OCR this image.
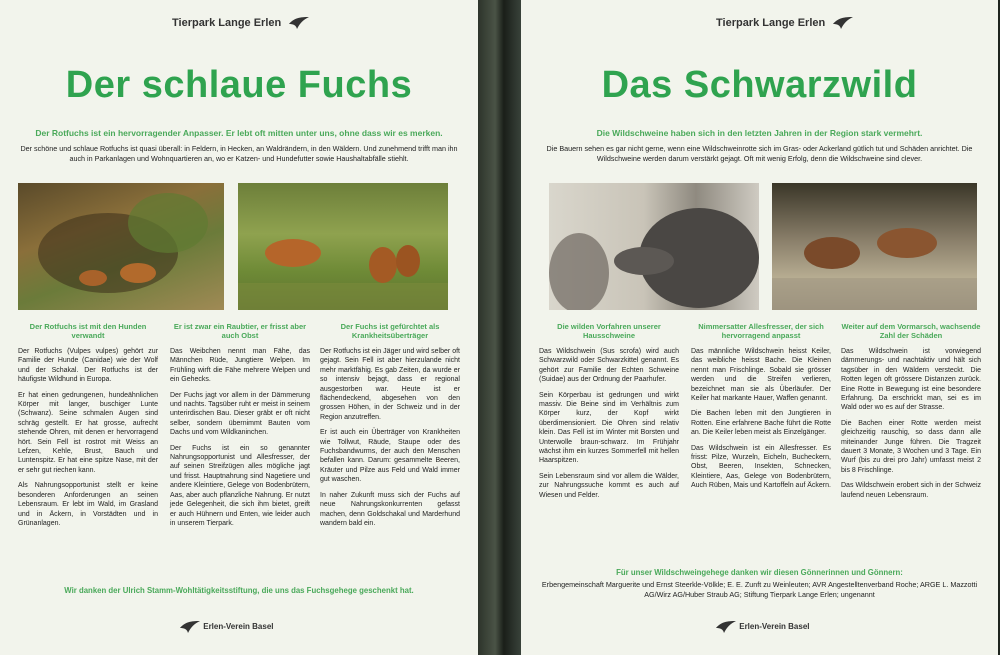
Tierpark Lange Erlen
Der schlaue Fuchs
Der Rotfuchs ist ein hervorragender Anpasser. Er lebt oft mitten unter uns, ohne dass wir es merken.
Der schöne und schlaue Rotfuchs ist quasi überall: in Feldern, in Hecken, an Waldrändern, in den Wäldern. Und zunehmend trifft man ihn auch in Parkanlagen und Wohnquartieren an, wo er Katzen- und Hundefutter sowie Haushaltabfälle stiehlt.
Der Rotfuchs ist mit den Hunden verwandt

Der Rotfuchs (Vulpes vulpes) gehört zur Familie der Hunde (Canidae) wie der Wolf und der Schakal. Der Rotfuchs ist der häufigste Wildhund in Europa.

Er hat einen gedrungenen, hundeähnlichen Körper mit langer, buschiger Lunte (Schwanz). Seine schmalen Augen sind schräg gestellt. Er hat grosse, aufrecht stehende Ohren, mit denen er hervorragend hört. Sein Fell ist rostrot mit Weiss an Lefzen, Kehle, Brust, Bauch und Luntenspitz. Er hat eine spitze Nase, mit der er sehr gut riechen kann.

Als Nahrungsopportunist stellt er keine besonderen Anforderungen an seinen Lebensraum. Er lebt im Wald, im Grasland und in Äckern, in Vorstädten und in Grünanlagen.

Er ist zwar ein Raubtier, er frisst aber auch Obst

Das Weibchen nennt man Fähe, das Männchen Rüde, Jungtiere Welpen. Im Frühling wirft die Fähe mehrere Welpen und ein Gehecks.

Der Fuchs jagt vor allem in der Dämmerung und nachts. Tagsüber ruht er meist in seinem unterirdischen Bau. Dieser gräbt er oft nicht selber, sondern übernimmt Bauten vom Dachs und vom Wildkaninchen.

Der Fuchs ist ein so genannter Nahrungsopportunist und Allesfresser, der auf seinen Streifzügen alles mögliche jagt und frisst. Hauptnahrung sind Nagetiere und andere Kleintiere, Gelege von Bodenbrütern, Aas, aber auch pflanzliche Nahrung. Er nutzt jede Gelegenheit, die sich ihm bietet, greift er auch Hühnern und Enten, wie leider auch in unserem Tierpark.

Der Fuchs ist gefürchtet als Krankheitsüberträger

Der Rotfuchs ist ein Jäger und wird selber oft gejagt. Sein Fell ist aber hierzulande nicht mehr marktfähig. Es gab Zeiten, da wurde er so intensiv bejagt, dass er regional ausgestorben war. Heute ist er flächendeckend, abgesehen von den grossen Höhen, in der Schweiz und in der Region anzutreffen.

Er ist auch ein Überträger von Krankheiten wie Tollwut, Räude, Staupe oder des Fuchsbandwurms, der auch den Menschen befallen kann. Darum: gesammelte Beeren, Kräuter und Pilze aus Feld und Wald immer gut waschen.

In naher Zukunft muss sich der Fuchs auf neue Nahrungskonkurrenten gefasst machen, denn Goldschakal und Marderhund wandern bald ein.

Wir danken der Ulrich Stamm-Wohltätigkeitsstiftung, die uns das Fuchsgehege geschenkt hat.
Erlen-Verein Basel
Tierpark Lange Erlen
Das Schwarzwild
Die Wildschweine haben sich in den letzten Jahren in der Region stark vermehrt.
Die Bauern sehen es gar nicht gerne, wenn eine Wildschweinrotte sich im Gras- oder Ackerland gütlich tut und Schäden anrichtet. Die Wildschweine werden darum verstärkt gejagt. Oft mit wenig Erfolg, denn die Wildschweine sind clever.
Die wilden Vorfahren unserer Hausschweine

Das Wildschwein (Sus scrofa) wird auch Schwarzwild oder Schwarzkittel genannt. Es gehört zur Familie der Echten Schweine (Suidae) aus der Ordnung der Paarhufer.

Sein Körperbau ist gedrungen und wirkt massiv. Die Beine sind im Verhältnis zum Körper kurz, der Kopf wirkt überdimensioniert. Die Ohren sind relativ klein. Das Fell ist im Winter mit Borsten und Unterwolle braun-schwarz. Im Frühjahr wächst ihm ein kurzes Sommerfell mit hellen Haarspitzen.

Sein Lebensraum sind vor allem die Wälder, zur Nahrungssuche kommt es auch auf Wiesen und Felder.

Nimmersatter Allesfresser, der sich hervorragend anpasst

Das männliche Wildschwein heisst Keiler, das weibliche heisst Bache. Die Kleinen nennt man Frischlinge. Sobald sie grösser werden und die Streifen verlieren, bezeichnet man sie als Überläufer. Der Keiler hat markante Hauer, Waffen genannt.

Die Bachen leben mit den Jungtieren in Rotten. Eine erfahrene Bache führt die Rotte an. Die Keiler leben meist als Einzelgänger.

Das Wildschwein ist ein Allesfresser. Es frisst: Pilze, Wurzeln, Eicheln, Bucheckern, Obst, Beeren, Insekten, Schnecken, Kleintiere, Aas, Gelege von Bodenbrütern, Auch Rüben, Mais und Kartoffeln auf Äckern.

Weiter auf dem Vormarsch, wachsende Zahl der Schäden

Das Wildschwein ist vorwiegend dämmerungs- und nachtaktiv und hält sich tagsüber in den Wäldern versteckt. Die Rotten legen oft grössere Distanzen zurück. Eine Rotte in Bewegung ist eine besondere Erfahrung. Da erschrickt man, sei es im Wald oder wo es auf der Strasse.

Die Bachen einer Rotte werden meist gleichzeitig rauschig, so dass dann alle miteinander Junge führen. Die Tragzeit dauert 3 Monate, 3 Wochen und 3 Tage. Ein Wurf (bis zu drei pro Jahr) umfasst meist 2 bis 8 Frischlinge.

Das Wildschwein erobert sich in der Schweiz laufend neuen Lebensraum.

Für unser Wildschweingehege danken wir diesen Gönnerinnen und Gönnern:
Erbengemeinschaft Marguerite und Ernst Steerkle-Völkle; E. E. Zunft zu Weinleuten; AVR Angestelltenverband Roche; ARGE L. Mazzotti AG/Wirz AG/Huber Straub AG; Stiftung Tierpark Lange Erlen; ungenannt
Erlen-Verein Basel
